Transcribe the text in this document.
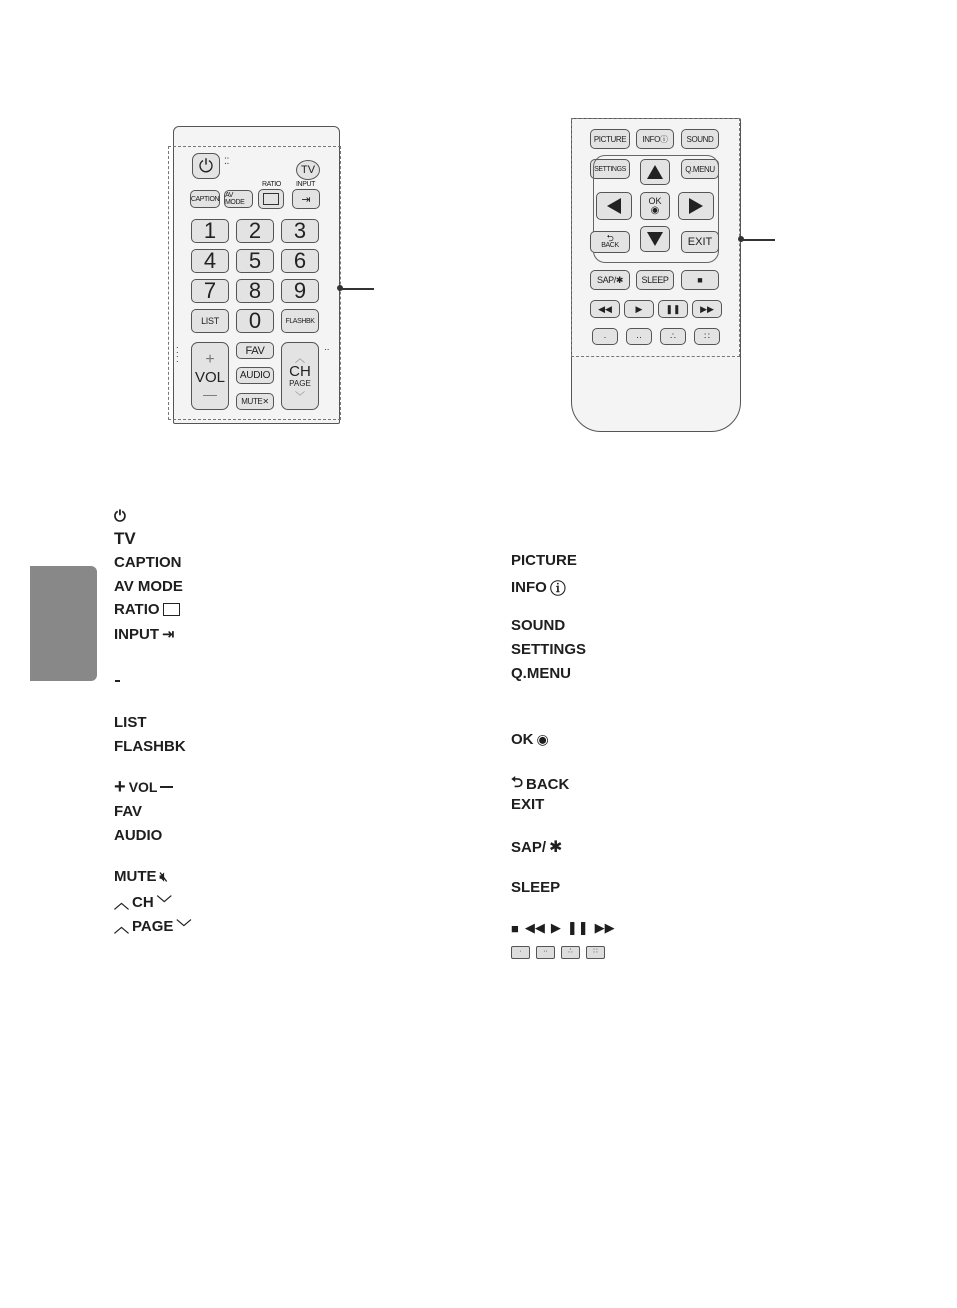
⏻ ⁚⁚
TV
CAPTION AV MODE
RATIO INPUT
⇥
1	2	3
4	5	6
7	8	9
LIST	0	FLASHBK
+
VOL
—
⁚
⁚
FAV
AUDIO
MUTE ✕
︿
CH
PAGE
﹀
··
PICTURE	INFO ⓘ	SOUND
SETTINGS	Q.MENU
OK
◉
⮌
BACK	EXIT
SAP/✱	SLEEP	■
◀◀	▶	❚❚ ▶▶
·	··	∴	∷
⏻
TV
CAPTION
AV MODE
RATIO
INPUT ⇥
LIST
FLASHBK
+ VOL
FAV
AUDIO
MUTE 🔇︎
︿ CH ﹀
︿ PAGE ﹀
PICTURE
INFO ⓘ
SOUND
SETTINGS
Q.MENU
OK ◉
⮌ BACK
EXIT
SAP/ ✱
SLEEP
■ ◀◀ ▶ ❚❚ ▶▶
·	··	∴	∷
